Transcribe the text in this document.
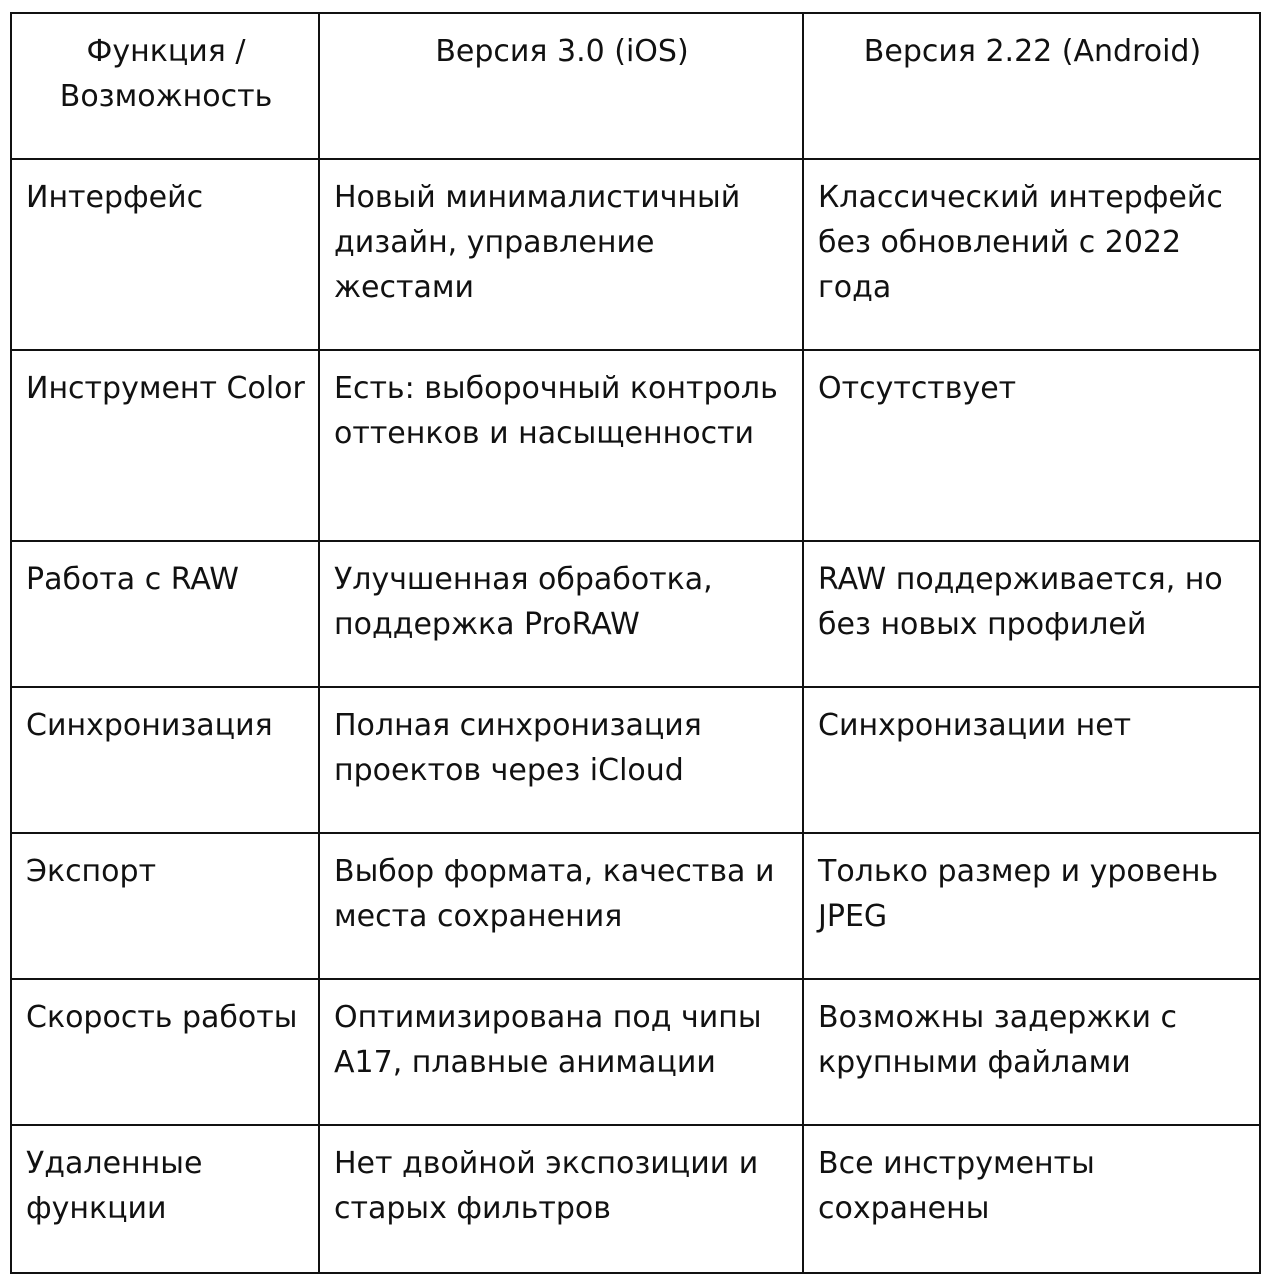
Функция / Возможность	Версия 3.0 (iOS)	Версия 2.22 (Android)
Интерфейс	Новый минималистичный дизайн, управление жестами	Классический интерфейс без обновлений с 2022 года
Инструмент Color	Есть: выборочный контроль оттенков и насыщенности	Отсутствует
Работа с RAW	Улучшенная обработка, поддержка ProRAW	RAW поддерживается, но без новых профилей
Синхронизация	Полная синхронизация проектов через iCloud	Синхронизации нет
Экспорт	Выбор формата, качества и места сохранения	Только размер и уровень JPEG
Скорость работы	Оптимизирована под чипы A17, плавные анимации	Возможны задержки с крупными файлами
Удаленные функции	Нет двойной экспозиции и старых фильтров	Все инструменты сохранены
